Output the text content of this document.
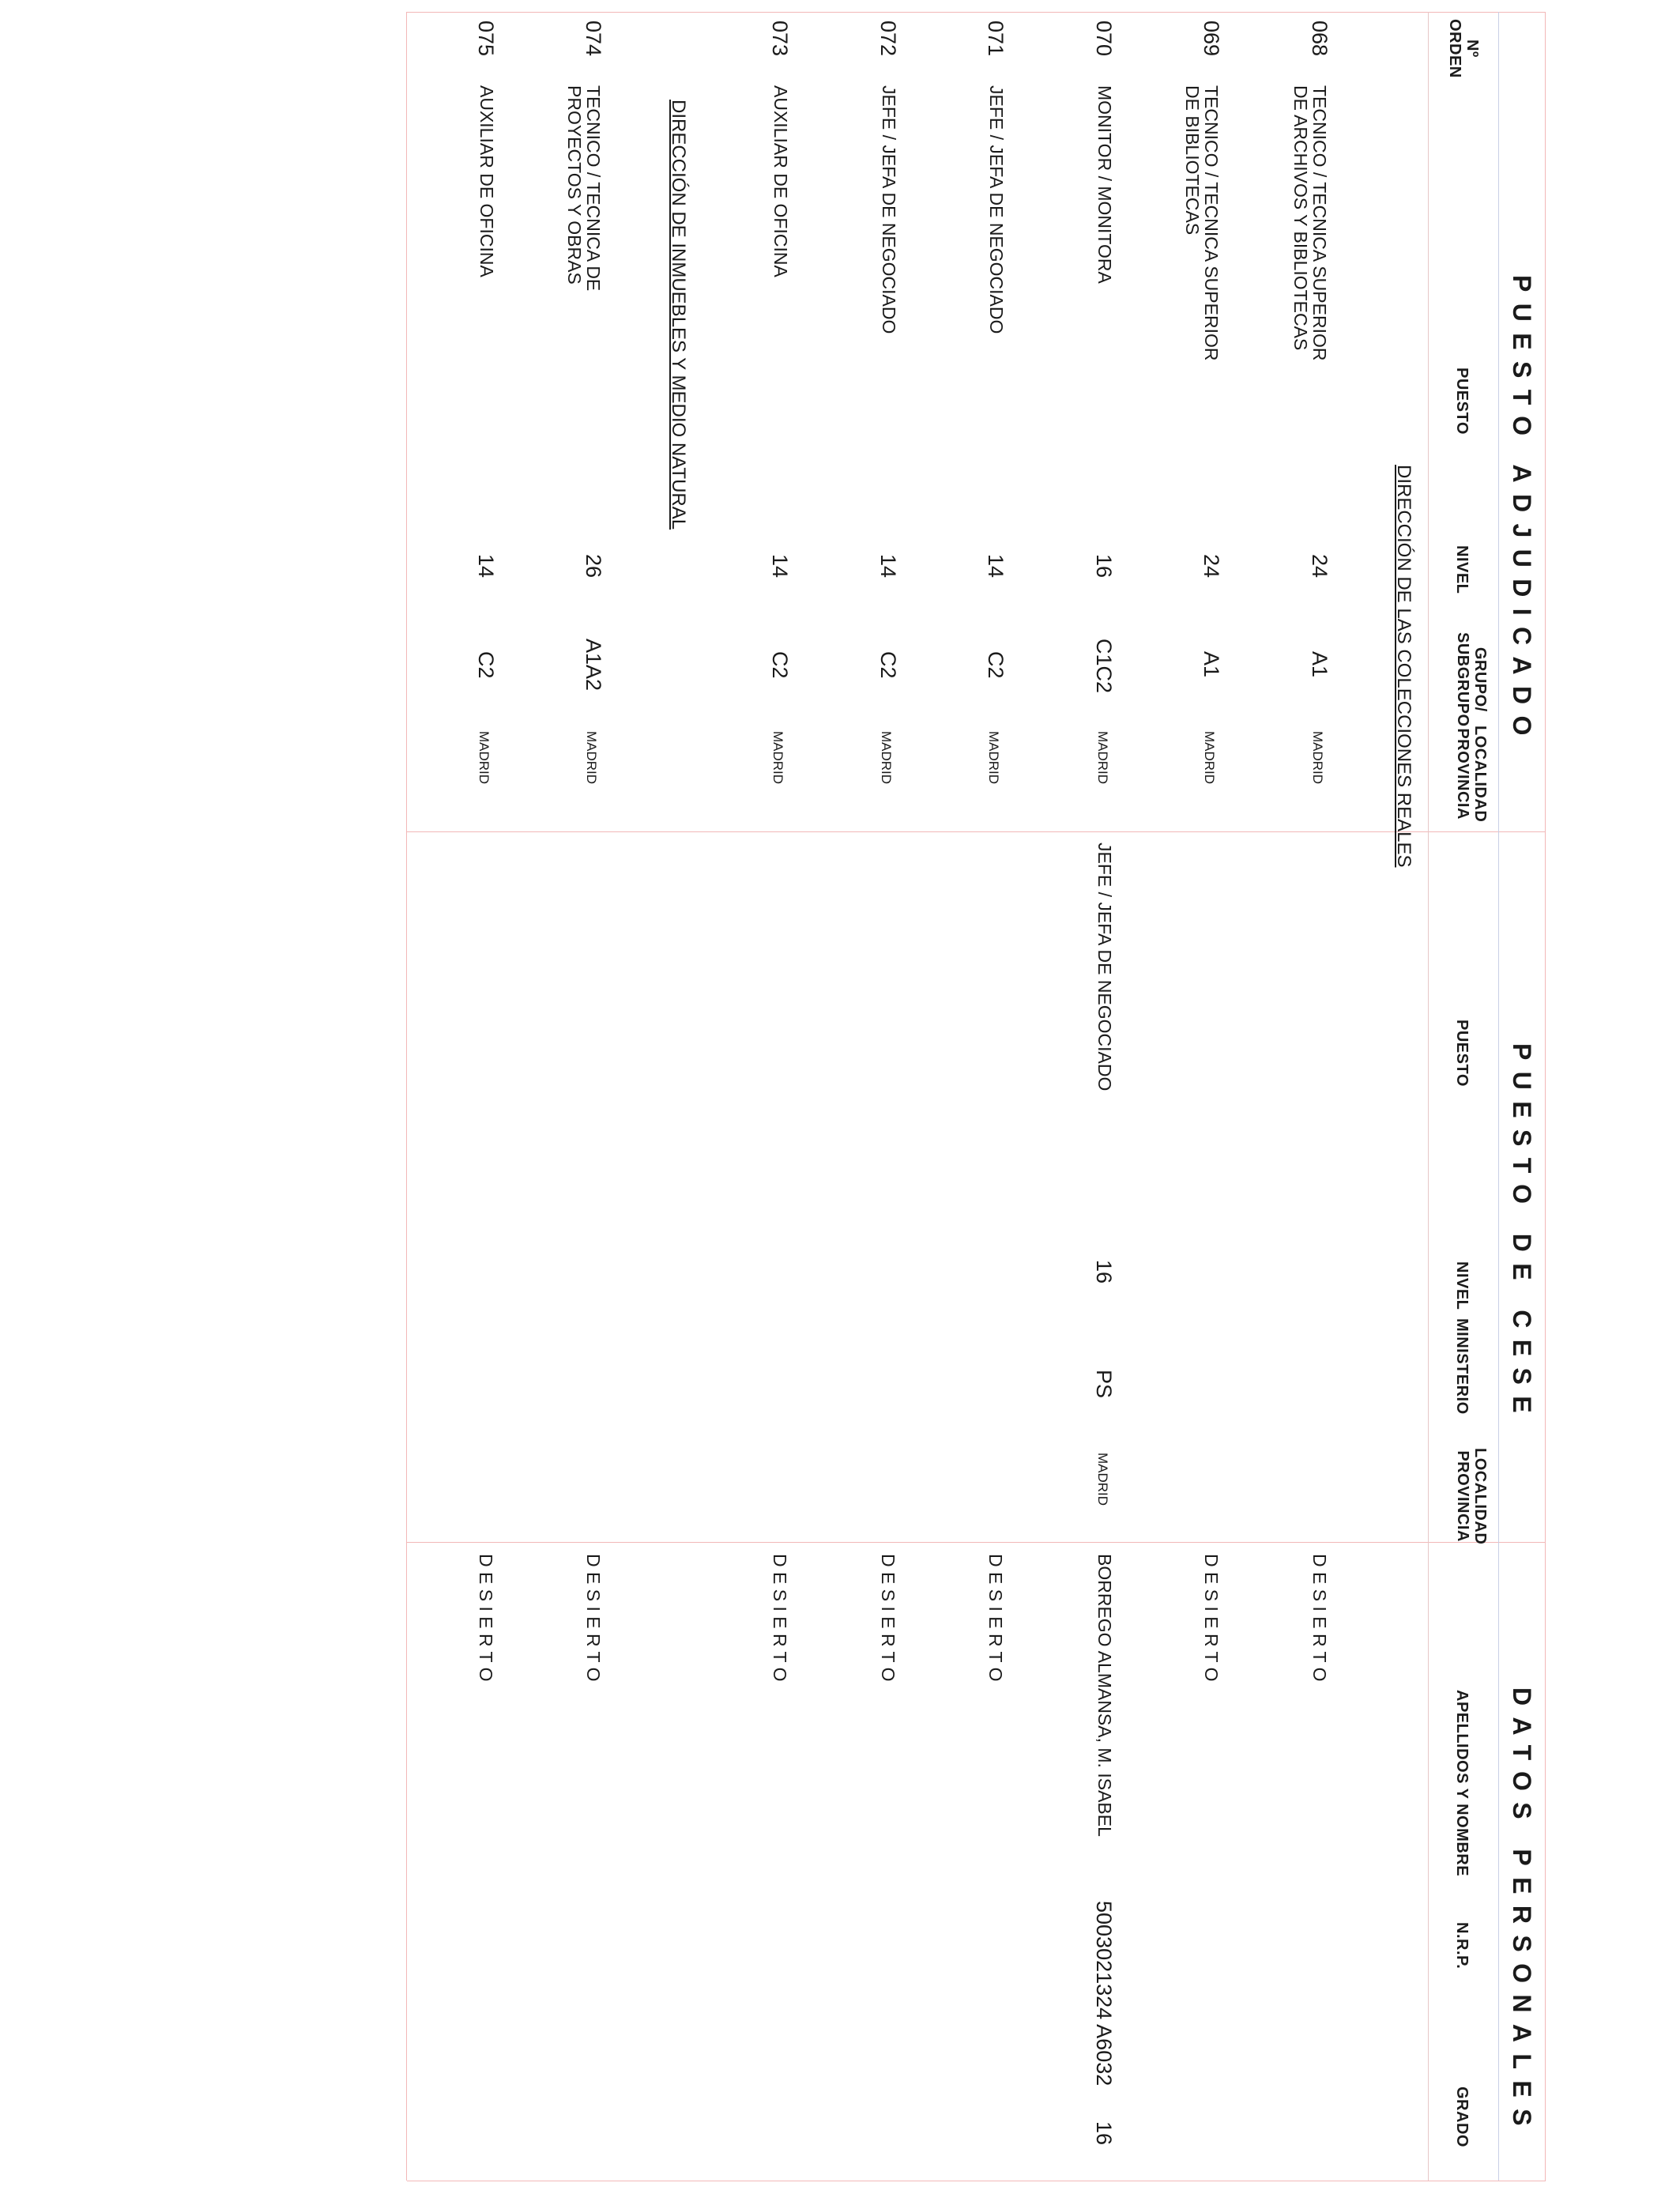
PUESTO ADJUDICADO
PUESTO DE CESE
DATOS PERSONALES
Nº
ORDEN
PUESTO
NIVEL
GRUPO/
SUBGRUPO
LOCALIDAD
PROVINCIA
PUESTO
NIVEL
MINISTERIO
LOCALIDAD
PROVINCIA
APELLIDOS Y NOMBRE
N.R.P.
GRADO
DIRECCIÓN DE LAS COLECCIONES REALES
068
TECNICO / TECNICA SUPERIOR DE ARCHIVOS Y BIBLIOTECAS
24
A1
MADRID
D E S I E R T O
069
TECNICO / TECNICA SUPERIOR DE BIBLIOTECAS
24
A1
MADRID
D E S I E R T O
070
MONITOR / MONITORA
16
C1C2
MADRID
JEFE / JEFA DE NEGOCIADO
16
PS
MADRID
BORREGO ALMANSA, M. ISABEL
5003021324 A6032
16
071
JEFE / JEFA DE NEGOCIADO
14
C2
MADRID
D E S I E R T O
072
JEFE / JEFA DE NEGOCIADO
14
C2
MADRID
D E S I E R T O
073
AUXILIAR DE OFICINA
14
C2
MADRID
D E S I E R T O
DIRECCIÓN DE INMUEBLES Y MEDIO NATURAL
074
TECNICO / TECNICA DE PROYECTOS Y OBRAS
26
A1A2
MADRID
D E S I E R T O
075
AUXILIAR DE OFICINA
14
C2
MADRID
D E S I E R T O
